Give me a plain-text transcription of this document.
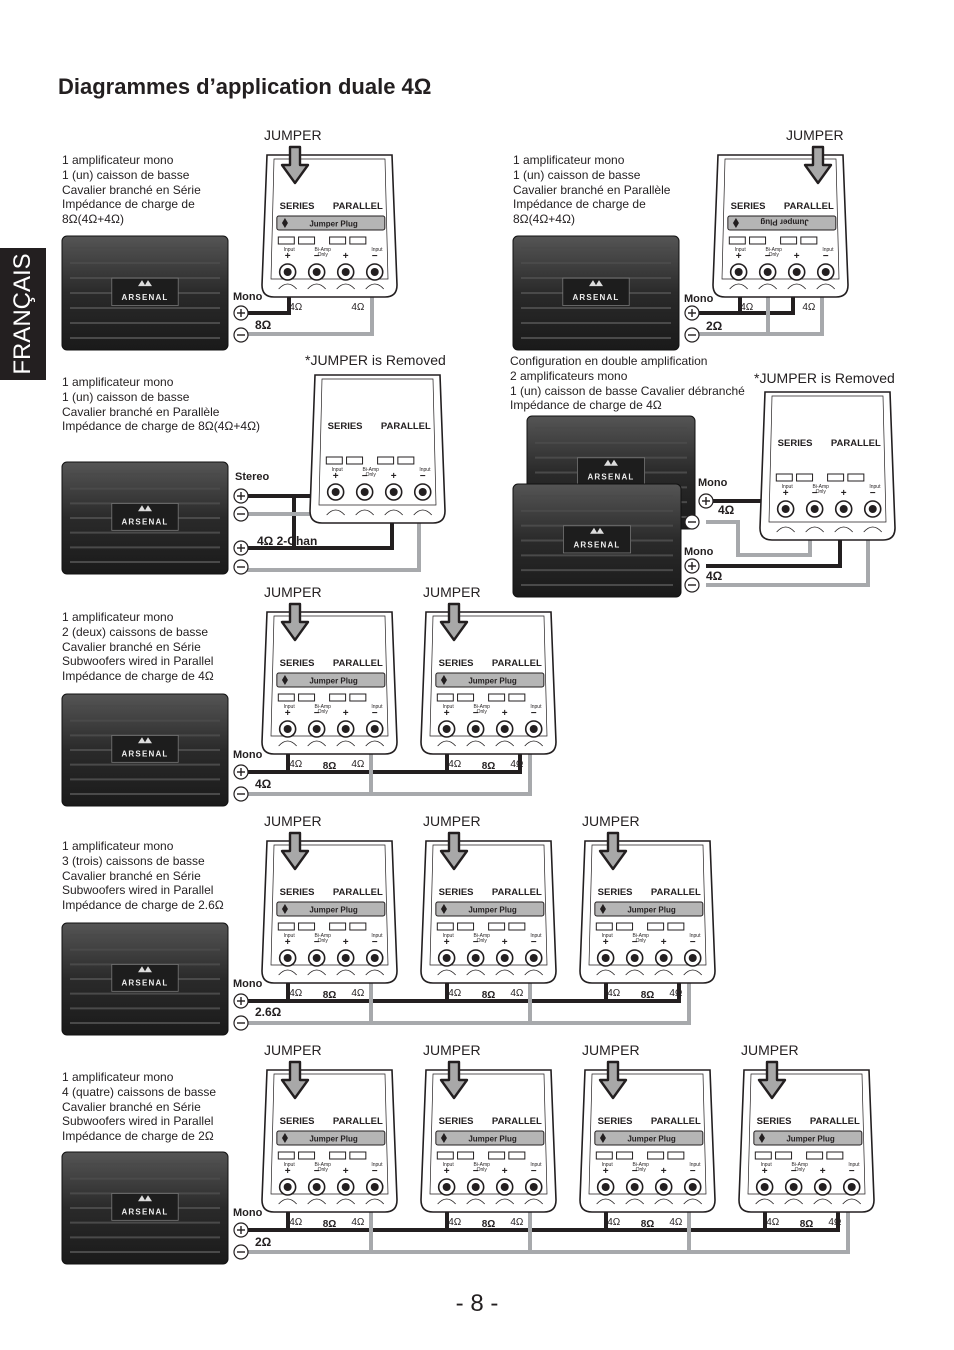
FRANÇAIS
Diagrammes d’application duale 4Ω
ARSENAL	ARSENAL
ARSENAL
ARSENAL
ARSENAL
ARSENAL
ARSENAL
ARSENAL
SERIES PARALLEL
Jumper Plug
Input	Bi-Amp
Only
Input
+ − + −
SERIES PARALLEL
Jumper Plug
Input	Bi-Amp
Only
Input
+ − + −
SERIES PARALLEL
Input	Bi-Amp
Only
Input
+ − + −
SERIES PARALLEL
Input	Bi-Amp
Only
Input
+ − + −
SERIES PARALLEL
Jumper Plug
Input	Bi-Amp
Only
Input
+ − + −
SERIES PARALLEL
Jumper Plug
Input	Bi-Amp
Only
Input
+ − + −
SERIES PARALLEL
Jumper Plug
Input	Bi-Amp
Only
Input
+ − + −
SERIES PARALLEL
Jumper Plug
Input	Bi-Amp
Only
Input
+ − + −
SERIES PARALLEL
Jumper Plug
Input	Bi-Amp
Only
Input
+ − + −
SERIES PARALLEL
Jumper Plug
Input	Bi-Amp
Only
Input
+ − + −
SERIES PARALLEL
Jumper Plug
Input	Bi-Amp
Only
Input
+ − + −
SERIES PARALLEL
Jumper Plug
Input	Bi-Amp
Only
Input
+ − + −
SERIES PARALLEL
Jumper Plug
Input	Bi-Amp
Only
Input
+ − + −
4Ω	4Ω	4Ω	4Ω
4Ω	4Ω
8Ω	4Ω	4Ω
8Ω
4Ω	4Ω
8Ω	4Ω	4Ω
8Ω	4Ω	4Ω
8Ω
4Ω	4Ω
8Ω	4Ω	4Ω
8Ω	4Ω	4Ω
8Ω	4Ω	4Ω
8Ω
1 amplificateur mono
1 (un) caisson de basse
Cavalier branché en Série
Impédance de charge de
8Ω(4Ω+4Ω)
1 amplificateur mono
1 (un) caisson de basse
Cavalier branché en Parallèle
Impédance de charge de
8Ω(4Ω+4Ω)
1 amplificateur mono
1 (un) caisson de basse
Cavalier branché en Parallèle
Impédance de charge de 8Ω(4Ω+4Ω)
Configuration en double amplification
2 amplificateurs mono
1 (un) caisson de basse Cavalier débranché
Impédance de charge de 4Ω
1 amplificateur mono
2 (deux) caissons de basse
Cavalier branché en Série
Subwoofers wired in Parallel
Impédance de charge de 4Ω
1 amplificateur mono
3 (trois) caissons de basse
Cavalier branché en Série
Subwoofers wired in Parallel
Impédance de charge de 2.6Ω
1 amplificateur mono
4 (quatre) caissons de basse
Cavalier branché en Série
Subwoofers wired in Parallel
Impédance de charge de 2Ω
JUMPER	JUMPER
JUMPER	JUMPER
JUMPER	JUMPER	JUMPER
JUMPER	JUMPER	JUMPER	JUMPER
*JUMPER is Removed
*JUMPER is Removed
Mono	Mono
Stereo	Mono
Mono
Mono
Mono
Mono
8Ω	2Ω
4Ω 2-Chan
4Ω
4Ω
4Ω
2.6Ω
2Ω
- 8 -
